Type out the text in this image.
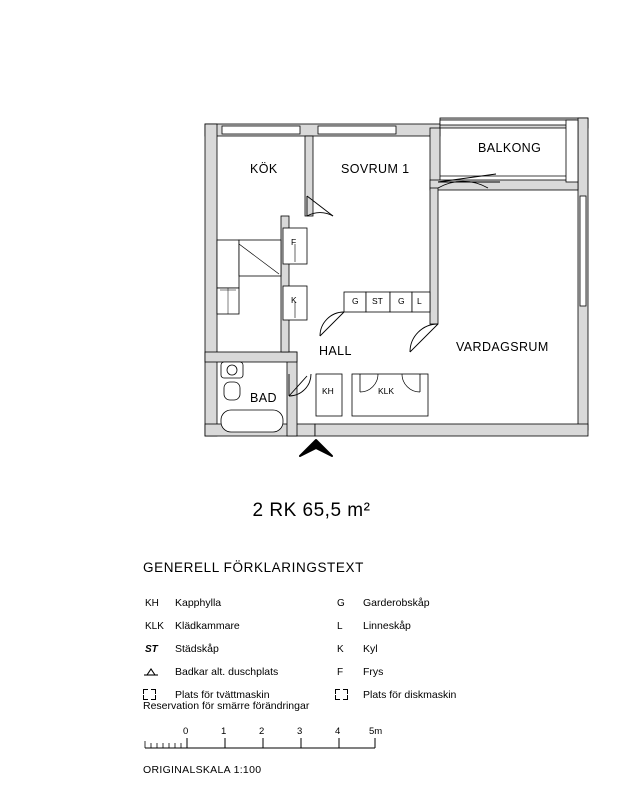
KÖK	SOVRUM 1
BALKONG
VARDAGSRUM
HALL
BAD
F
K	G ST G L
KH	KLK
2 RK 65,5 m²
GENERELL FÖRKLARINGSTEXT
KH	Kapphylla	G	Garderobskåp
KLK	Klädkammare	L	Linneskåp
ST	Städskåp	K	Kyl
Badkar alt. duschplats	F	Frys
Plats för tvättmaskin	Plats för diskmaskin
Reservation för smärre förändringar
0	1	2	3	4	5m
ORIGINALSKALA 1:100
